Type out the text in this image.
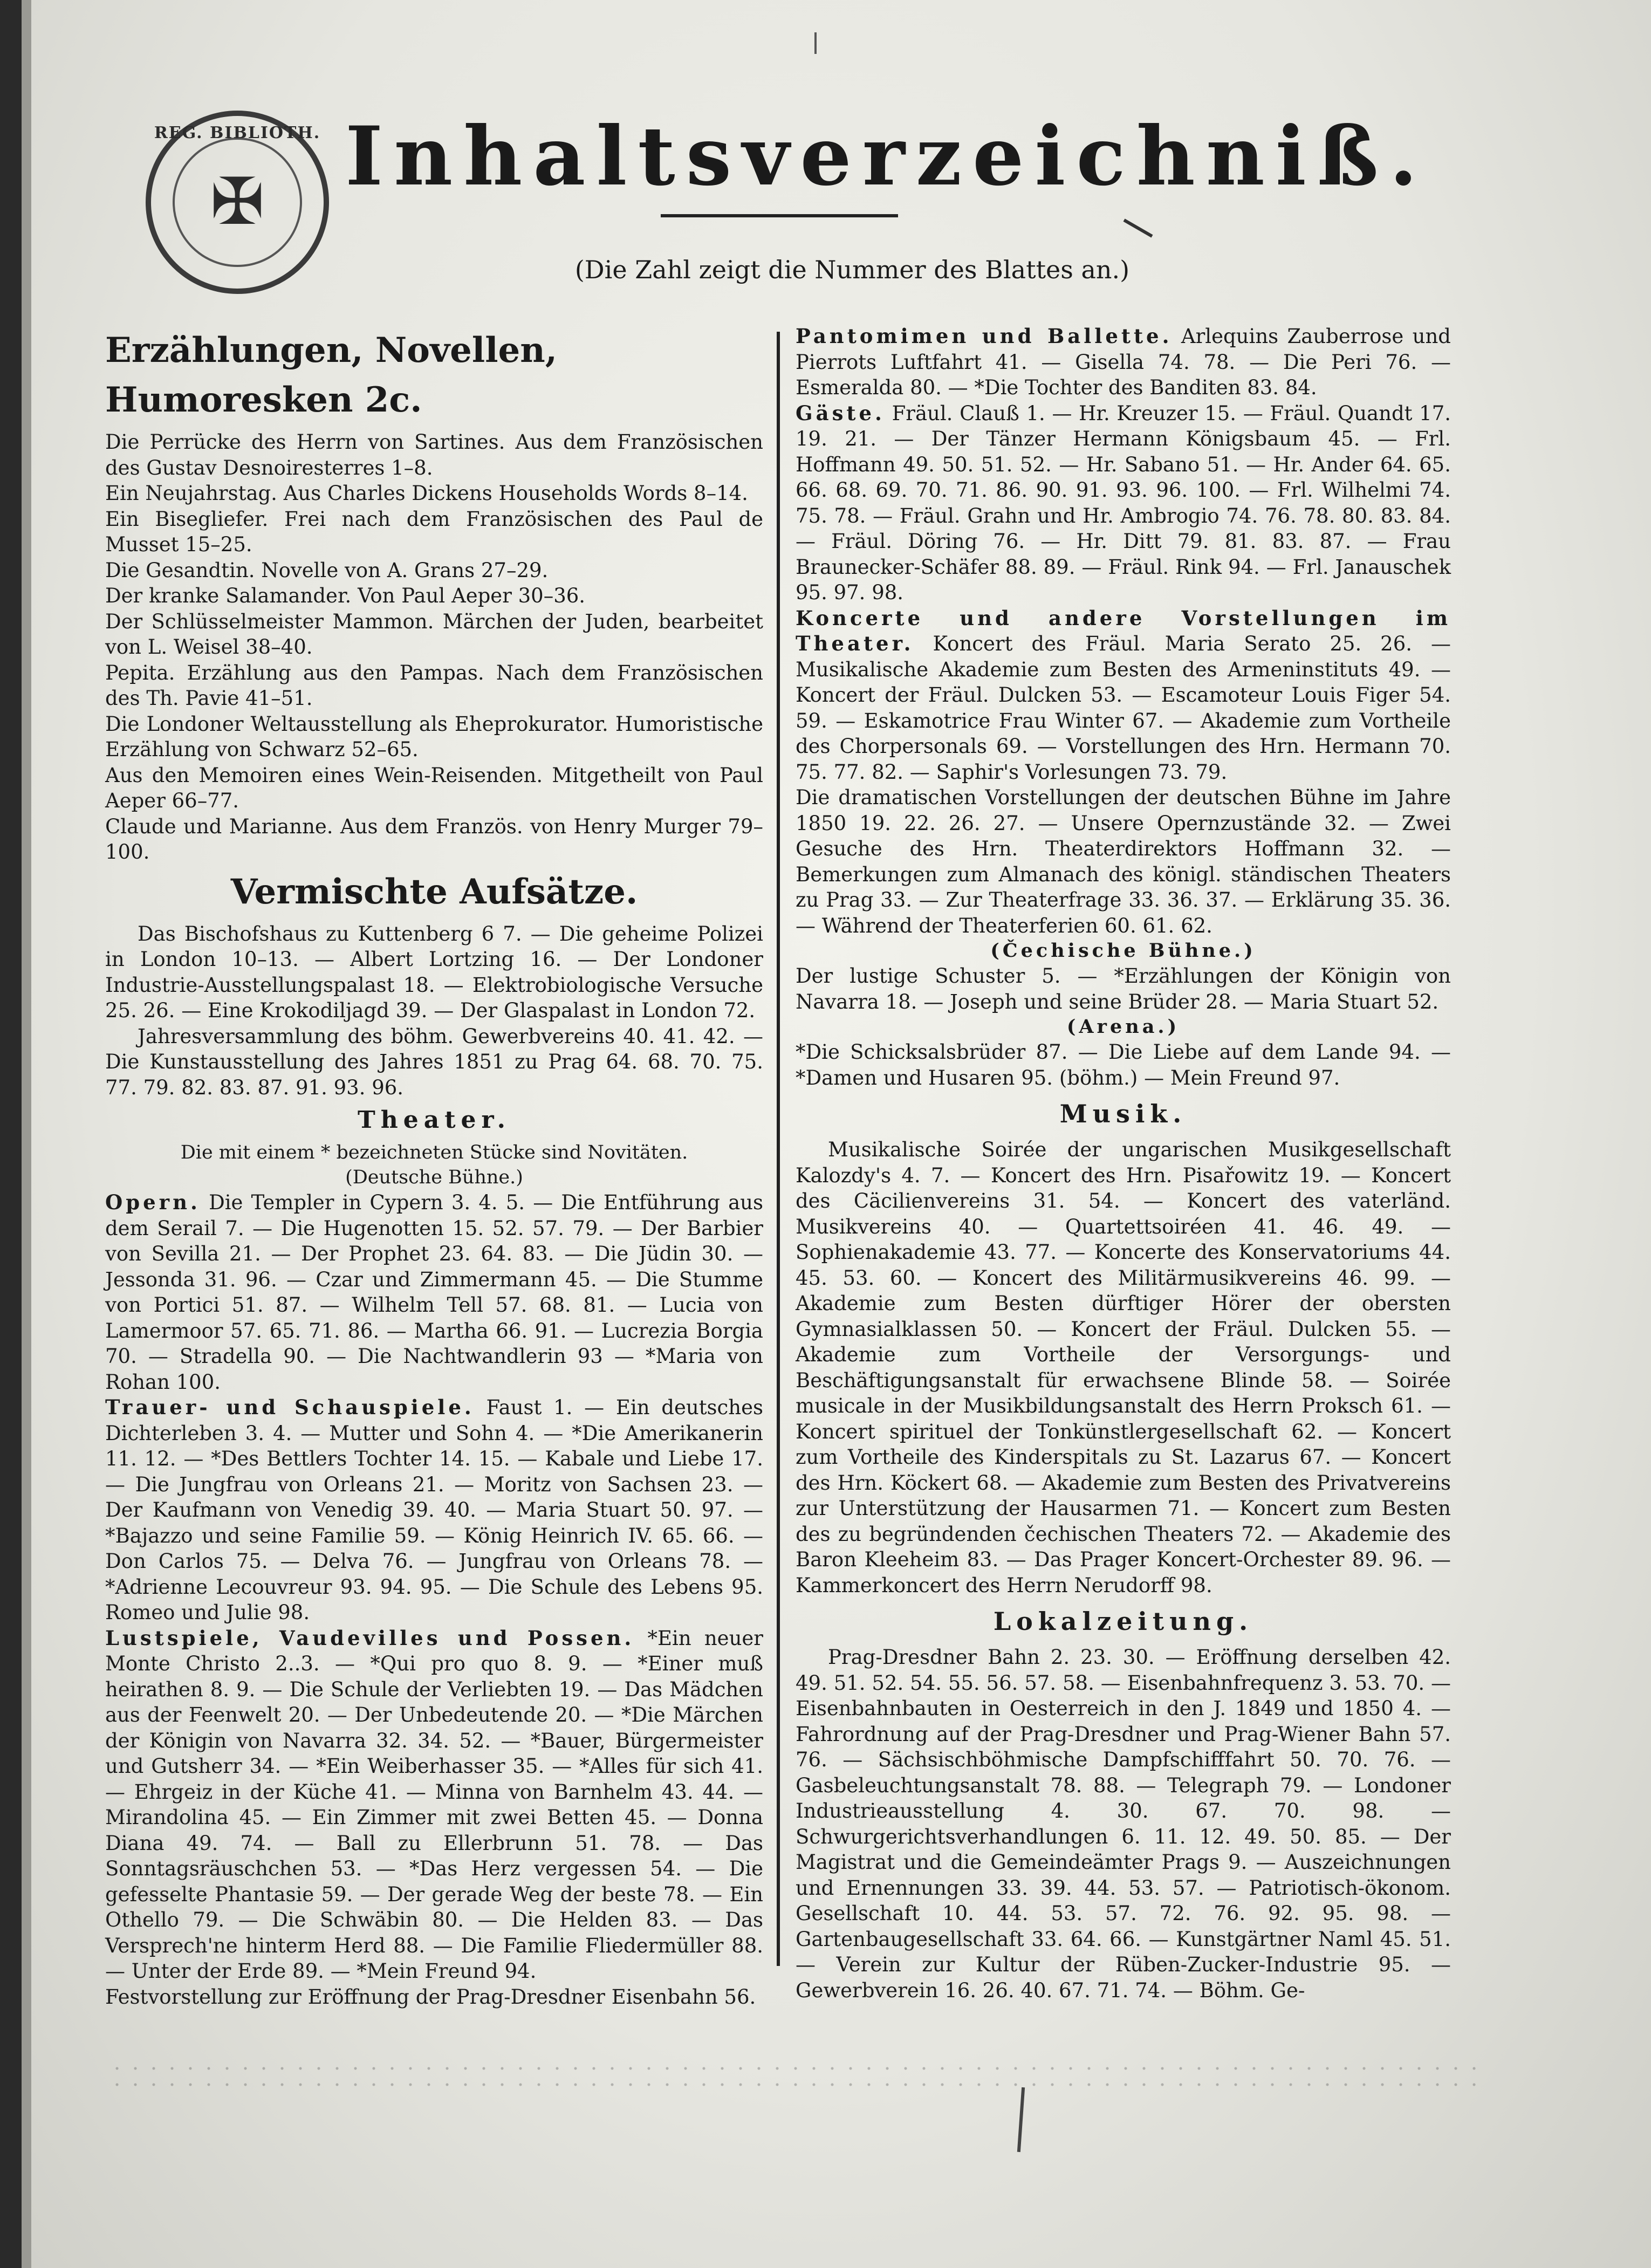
REG. BIBLIOTH.
✠ Inhaltsverzeichniß.
(Die Zahl zeigt die Nummer des Blattes an.)
Erzählungen, Novellen, Humoresken 2c.

Die Perrücke des Herrn von Sartines. Aus dem Französischen des Gustav Desnoiresterres 1–8.

Ein Neujahrstag. Aus Charles Dickens Households Words 8–14.

Ein Bisegliefer. Frei nach dem Französischen des Paul de Musset 15–25.

Die Gesandtin. Novelle von A. Grans 27–29.

Der kranke Salamander. Von Paul Aeper 30–36.

Der Schlüsselmeister Mammon. Märchen der Juden, bearbeitet von L. Weisel 38–40.

Pepita. Erzählung aus den Pampas. Nach dem Französischen des Th. Pavie 41–51.

Die Londoner Weltausstellung als Eheprokurator. Humoristische Erzählung von Schwarz 52–65.

Aus den Memoiren eines Wein-Reisenden. Mitgetheilt von Paul Aeper 66–77.

Claude und Marianne. Aus dem Französ. von Henry Murger 79–100.

Vermischte Aufsätze.

Das Bischofshaus zu Kuttenberg 6 7. — Die geheime Polizei in London 10–13. — Albert Lortzing 16. — Der Londoner Industrie-Ausstellungspalast 18. — Elektrobiologische Versuche 25. 26. — Eine Krokodiljagd 39. — Der Glaspalast in London 72.

Jahresversammlung des böhm. Gewerbvereins 40. 41. 42. — Die Kunstausstellung des Jahres 1851 zu Prag 64. 68. 70. 75. 77. 79. 82. 83. 87. 91. 93. 96.

Theater.
Die mit einem * bezeichneten Stücke sind Novitäten.
(Deutsche Bühne.)

Opern. Die Templer in Cypern 3. 4. 5. — Die Entführung aus dem Serail 7. — Die Hugenotten 15. 52. 57. 79. — Der Barbier von Sevilla 21. — Der Prophet 23. 64. 83. — Die Jüdin 30. — Jessonda 31. 96. — Czar und Zimmermann 45. — Die Stumme von Portici 51. 87. — Wilhelm Tell 57. 68. 81. — Lucia von Lamermoor 57. 65. 71. 86. — Martha 66. 91. — Lucrezia Borgia 70. — Stradella 90. — Die Nachtwandlerin 93 — *Maria von Rohan 100.

Trauer- und Schauspiele. Faust 1. — Ein deutsches Dichterleben 3. 4. — Mutter und Sohn 4. — *Die Amerikanerin 11. 12. — *Des Bettlers Tochter 14. 15. — Kabale und Liebe 17. — Die Jungfrau von Orleans 21. — Moritz von Sachsen 23. — Der Kaufmann von Venedig 39. 40. — Maria Stuart 50. 97. — *Bajazzo und seine Familie 59. — König Heinrich IV. 65. 66. — Don Carlos 75. — Delva 76. — Jungfrau von Orleans 78. — *Adrienne Lecouvreur 93. 94. 95. — Die Schule des Lebens 95. Romeo und Julie 98.

Lustspiele, Vaudevilles und Possen. *Ein neuer Monte Christo 2..3. — *Qui pro quo 8. 9. — *Einer muß heirathen 8. 9. — Die Schule der Verliebten 19. — Das Mädchen aus der Feenwelt 20. — Der Unbedeutende 20. — *Die Märchen der Königin von Navarra 32. 34. 52. — *Bauer, Bürgermeister und Gutsherr 34. — *Ein Weiberhasser 35. — *Alles für sich 41. — Ehrgeiz in der Küche 41. — Minna von Barnhelm 43. 44. — Mirandolina 45. — Ein Zimmer mit zwei Betten 45. — Donna Diana 49. 74. — Ball zu Ellerbrunn 51. 78. — Das Sonntagsräuschchen 53. — *Das Herz vergessen 54. — Die gefesselte Phantasie 59. — Der gerade Weg der beste 78. — Ein Othello 79. — Die Schwäbin 80. — Die Helden 83. — Das Versprech'ne hinterm Herd 88. — Die Familie Fliedermüller 88. — Unter der Erde 89. — *Mein Freund 94.

Festvorstellung zur Eröffnung der Prag-Dresdner Eisenbahn 56.

Pantomimen und Ballette. Arlequins Zauberrose und Pierrots Luftfahrt 41. — Gisella 74. 78. — Die Peri 76. — Esmeralda 80. — *Die Tochter des Banditen 83. 84.

Gäste. Fräul. Clauß 1. — Hr. Kreuzer 15. — Fräul. Quandt 17. 19. 21. — Der Tänzer Hermann Königsbaum 45. — Frl. Hoffmann 49. 50. 51. 52. — Hr. Sabano 51. — Hr. Ander 64. 65. 66. 68. 69. 70. 71. 86. 90. 91. 93. 96. 100. — Frl. Wilhelmi 74. 75. 78. — Fräul. Grahn und Hr. Ambrogio 74. 76. 78. 80. 83. 84. — Fräul. Döring 76. — Hr. Ditt 79. 81. 83. 87. — Frau Braunecker-Schäfer 88. 89. — Fräul. Rink 94. — Frl. Janauschek 95. 97. 98.

Koncerte und andere Vorstellungen im Theater. Koncert des Fräul. Maria Serato 25. 26. — Musikalische Akademie zum Besten des Armeninstituts 49. — Koncert der Fräul. Dulcken 53. — Escamoteur Louis Figer 54. 59. — Eskamotrice Frau Winter 67. — Akademie zum Vortheile des Chorpersonals 69. — Vorstellungen des Hrn. Hermann 70. 75. 77. 82. — Saphir's Vorlesungen 73. 79.

Die dramatischen Vorstellungen der deutschen Bühne im Jahre 1850 19. 22. 26. 27. — Unsere Opernzustände 32. — Zwei Gesuche des Hrn. Theaterdirektors Hoffmann 32. — Bemerkungen zum Almanach des königl. ständischen Theaters zu Prag 33. — Zur Theaterfrage 33. 36. 37. — Erklärung 35. 36. — Während der Theaterferien 60. 61. 62.

(Čechische Bühne.)

Der lustige Schuster 5. — *Erzählungen der Königin von Navarra 18. — Joseph und seine Brüder 28. — Maria Stuart 52.

(Arena.)

*Die Schicksalsbrüder 87. — Die Liebe auf dem Lande 94. — *Damen und Husaren 95. (böhm.) — Mein Freund 97.

Musik.

Musikalische Soirée der ungarischen Musikgesellschaft Kalozdy's 4. 7. — Koncert des Hrn. Pisařowitz 19. — Koncert des Cäcilienvereins 31. 54. — Koncert des vaterländ. Musikvereins 40. — Quartettsoiréen 41. 46. 49. — Sophienakademie 43. 77. — Koncerte des Konservatoriums 44. 45. 53. 60. — Koncert des Militärmusikvereins 46. 99. — Akademie zum Besten dürftiger Hörer der obersten Gymnasialklassen 50. — Koncert der Fräul. Dulcken 55. — Akademie zum Vortheile der Versorgungs- und Beschäftigungsanstalt für erwachsene Blinde 58. — Soirée musicale in der Musikbildungsanstalt des Herrn Proksch 61. — Koncert spirituel der Tonkünstlergesellschaft 62. — Koncert zum Vortheile des Kinderspitals zu St. Lazarus 67. — Koncert des Hrn. Köckert 68. — Akademie zum Besten des Privatvereins zur Unterstützung der Hausarmen 71. — Koncert zum Besten des zu begründenden čechischen Theaters 72. — Akademie des Baron Kleeheim 83. — Das Prager Koncert-Orchester 89. 96. — Kammerkoncert des Herrn Nerudorff 98.

Lokalzeitung.

Prag-Dresdner Bahn 2. 23. 30. — Eröffnung derselben 42. 49. 51. 52. 54. 55. 56. 57. 58. — Eisenbahnfrequenz 3. 53. 70. — Eisenbahnbauten in Oesterreich in den J. 1849 und 1850 4. — Fahrordnung auf der Prag-Dresdner und Prag-Wiener Bahn 57. 76. — Sächsischböhmische Dampfschifffahrt 50. 70. 76. — Gasbeleuchtungsanstalt 78. 88. — Telegraph 79. — Londoner Industrieausstellung 4. 30. 67. 70. 98. — Schwurgerichtsverhandlungen 6. 11. 12. 49. 50. 85. — Der Magistrat und die Gemeindeämter Prags 9. — Auszeichnungen und Ernennungen 33. 39. 44. 53. 57. — Patriotisch-ökonom. Gesellschaft 10. 44. 53. 57. 72. 76. 92. 95. 98. — Gartenbaugesellschaft 33. 64. 66. — Kunstgärtner Naml 45. 51. — Verein zur Kultur der Rüben-Zucker-Industrie 95. — Gewerbverein 16. 26. 40. 67. 71. 74. — Böhm. Ge-
